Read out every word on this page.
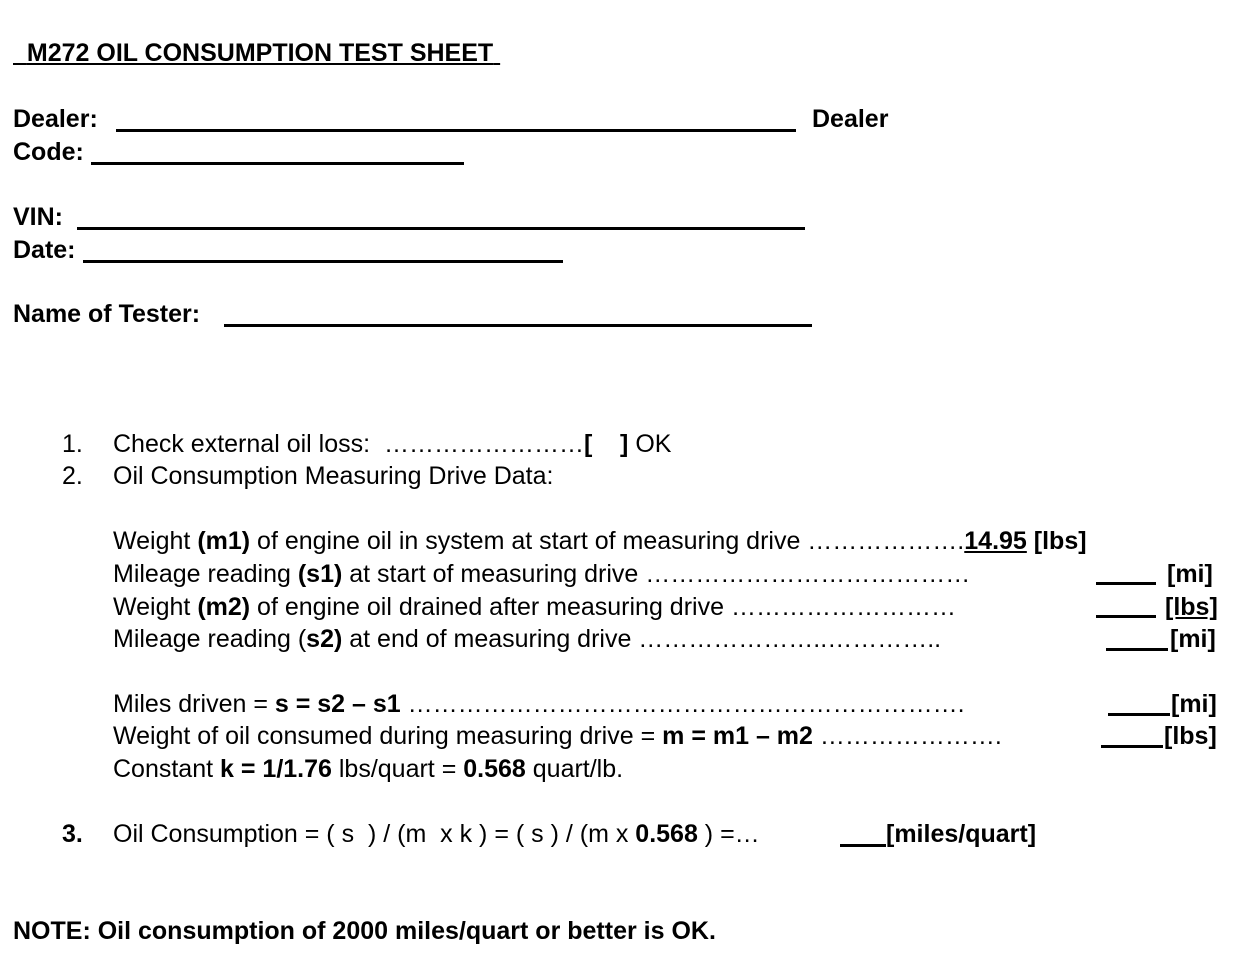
M272 OIL CONSUMPTION TEST SHEET

Dealer:	Dealer
Code:
VIN:
Date:
Name of Tester:
1. Check external oil loss:  ……………………[    ] OK
2. Oil Consumption Measuring Drive Data:
Weight (m1) of engine oil in system at start of measuring drive ……………….14.95 [lbs]
Mileage reading (s1) at start of measuring drive …………………………………	[mi]
Weight (m2) of engine oil drained after measuring drive ………………………	[lbs]
Mileage reading (s2) at end of measuring drive …………………..…………..	[mi]
Miles driven = s = s2 – s1 ………………………………………………………….	[mi]
Weight of oil consumed during measuring drive = m = m1 – m2 ………………….	[lbs]
Constant k = 1/1.76 lbs/quart = 0.568 quart/lb.
3. Oil Consumption = ( s  ) / (m  x k ) = ( s ) / (m x 0.568 ) =…	[miles/quart]
NOTE: Oil consumption of 2000 miles/quart or better is OK.
